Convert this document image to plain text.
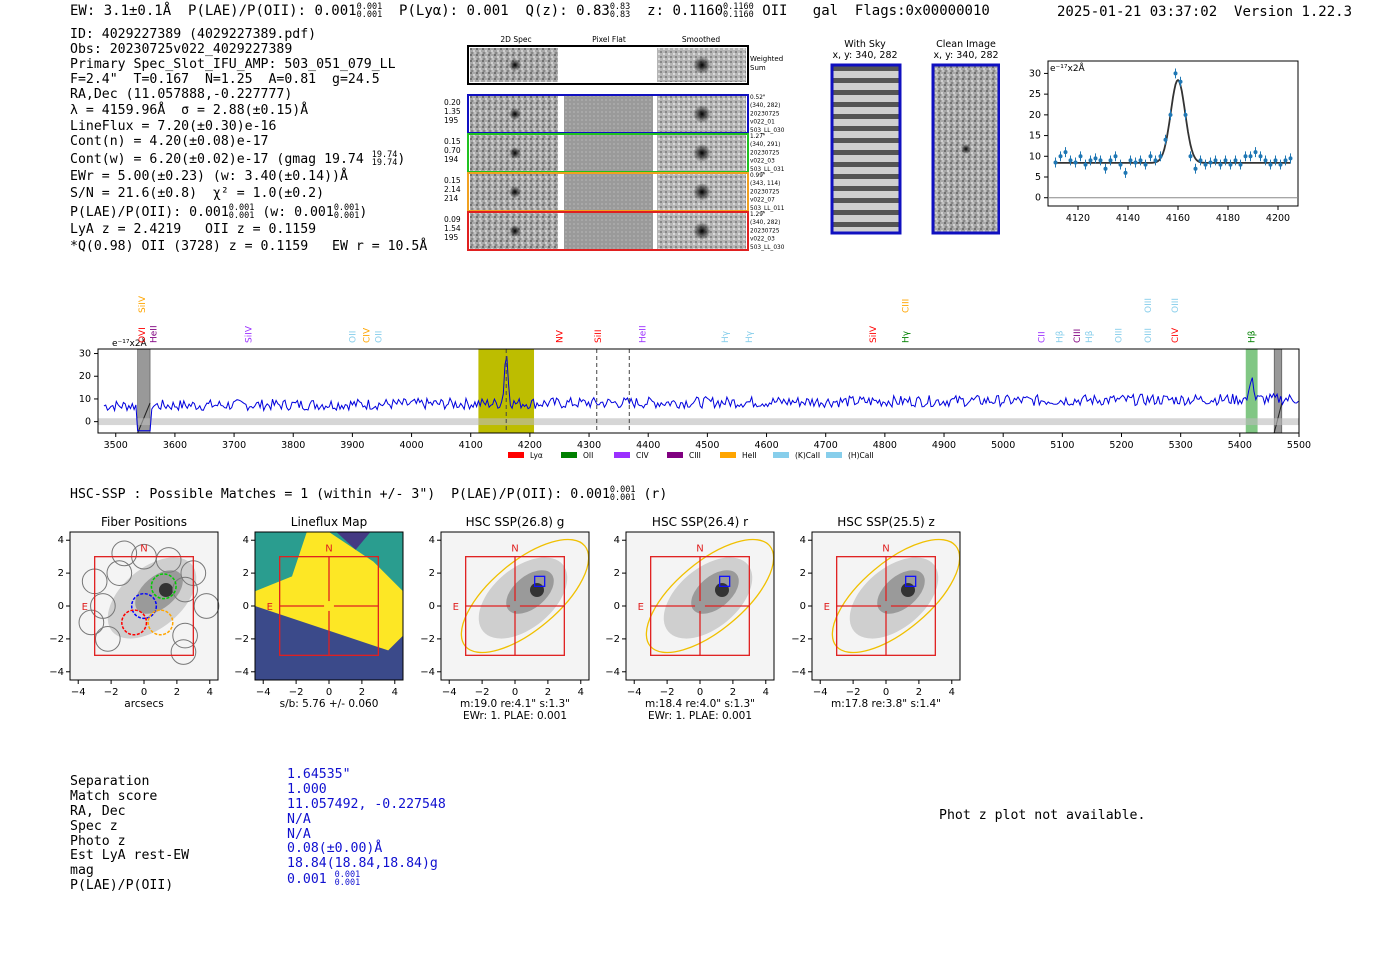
EW: 3.1±0.1Å  P(LAE)/P(OII): 0.001 0.001
0.001 P(Lyα): 0.001  Q(z): 0.83 0.83
0.83 z: 0.1160 0.1160
0.1160 OII gal  Flags:0x00000010	2025-01-21 03:37:02 Version 1.22.3
ID: 4029227389 (4029227389.pdf)
Obs: 20230725v022_4029227389
Primary Spec_Slot_IFU_AMP: 503_051_079_LL
F=2.4"  T=0.167  N=1.25  A=0.81  g=24.5
RA,Dec (11.057888,-0.227777)
λ = 4159.96Å  σ = 2.88(±0.15)Å
LineFlux = 7.20(±0.30)e-16
Cont(n) = 4.20(±0.08)e-17
Cont(w) = 6.20(±0.02)e-17 (gmag 19.74 19.74
19.74 )
EWr = 5.00(±0.23) (w: 3.40(±0.14))Å
S/N = 21.6(±0.8)  χ² = 1.0(±0.2)
P(LAE)/P(OII): 0.001 0.001
0.001 (w: 0.001 0.001
0.001 )
LyA z = 2.4219   OII z = 0.1159
*Q(0.98) OII (3728) z = 0.1159   EW r = 10.5Å
2D Spec	Pixel Flat	Smoothed
Weighted
Sum
0.20
1.35
195
0.52"
(340, 282)
20230725
v022_01
503_LL_030
0.15
0.70
194
1.27"
(340, 291)
20230725
v022_03
503_LL_031
0.15
2.14
214
0.99"
(343, 114)
20230725
v022_07
503_LL_011
0.09
1.54
195
1.29"
(340, 282)
20230725
v022_03
503_LL_030
With Sky
x, y: 340, 282
Clean Image
x, y: 340, 282
4120	4140	4160	4180	4200
0
5
10
15
20
25
30 e⁻¹⁷x2Å
3500	3600	3700	3800	3900	4000	4100	4200	4300	4400	4500	4600	4700	4800	4900	5000	5100	5200	5300	5400	5500
0
10
20
30
e⁻¹⁷x2Å
SiIV
OVI HeII	SiIV	OII CIV OII	NV	SiII	HeII	Hγ Hγ	SiIV
CIII
Hγ	CII Hβ CIII Hβ OIII
OIII
OIII
OIII
CIV	Hβ
Lyα	OII	CIV	CIII	HeII	(K)CaII	(H)CaII
HSC-SSP : Possible Matches = 1 (within +/- 3")  P(LAE)/P(OII): 0.001 0.001
0.001 (r)
Fiber Positions
N
E
−4
−4
−2
−2
0
0
2
2
4
4
arcsecs
Lineflux Map
N
E
−4
−4
−2
−2
0
0
2
2
4
4
s/b: 5.76 +/- 0.060
HSC SSP(26.8) g
N
E
−4
−4
−2
−2
0
0
2
2
4
4
m:19.0 re:4.1" s:1.3"
EWr: 1. PLAE: 0.001
HSC SSP(26.4) r
N
E
−4
−4
−2
−2
0
0
2
2
4
4
m:18.4 re:4.0" s:1.3"
EWr: 1. PLAE: 0.001
HSC SSP(25.5) z
N
E
−4
−4
−2
−2
0
0
2
2
4
4
m:17.8 re:3.8" s:1.4"
Phot z plot not available.
Separation	1.64535"
Match score	1.000
RA, Dec	11.057492, -0.227548
Spec z	N/A
Photo z	N/A
Est LyA rest-EW	0.08(±0.00)Å
mag	18.84(18.84,18.84)g
P(LAE)/P(OII)	0.001 0.001
0.001
